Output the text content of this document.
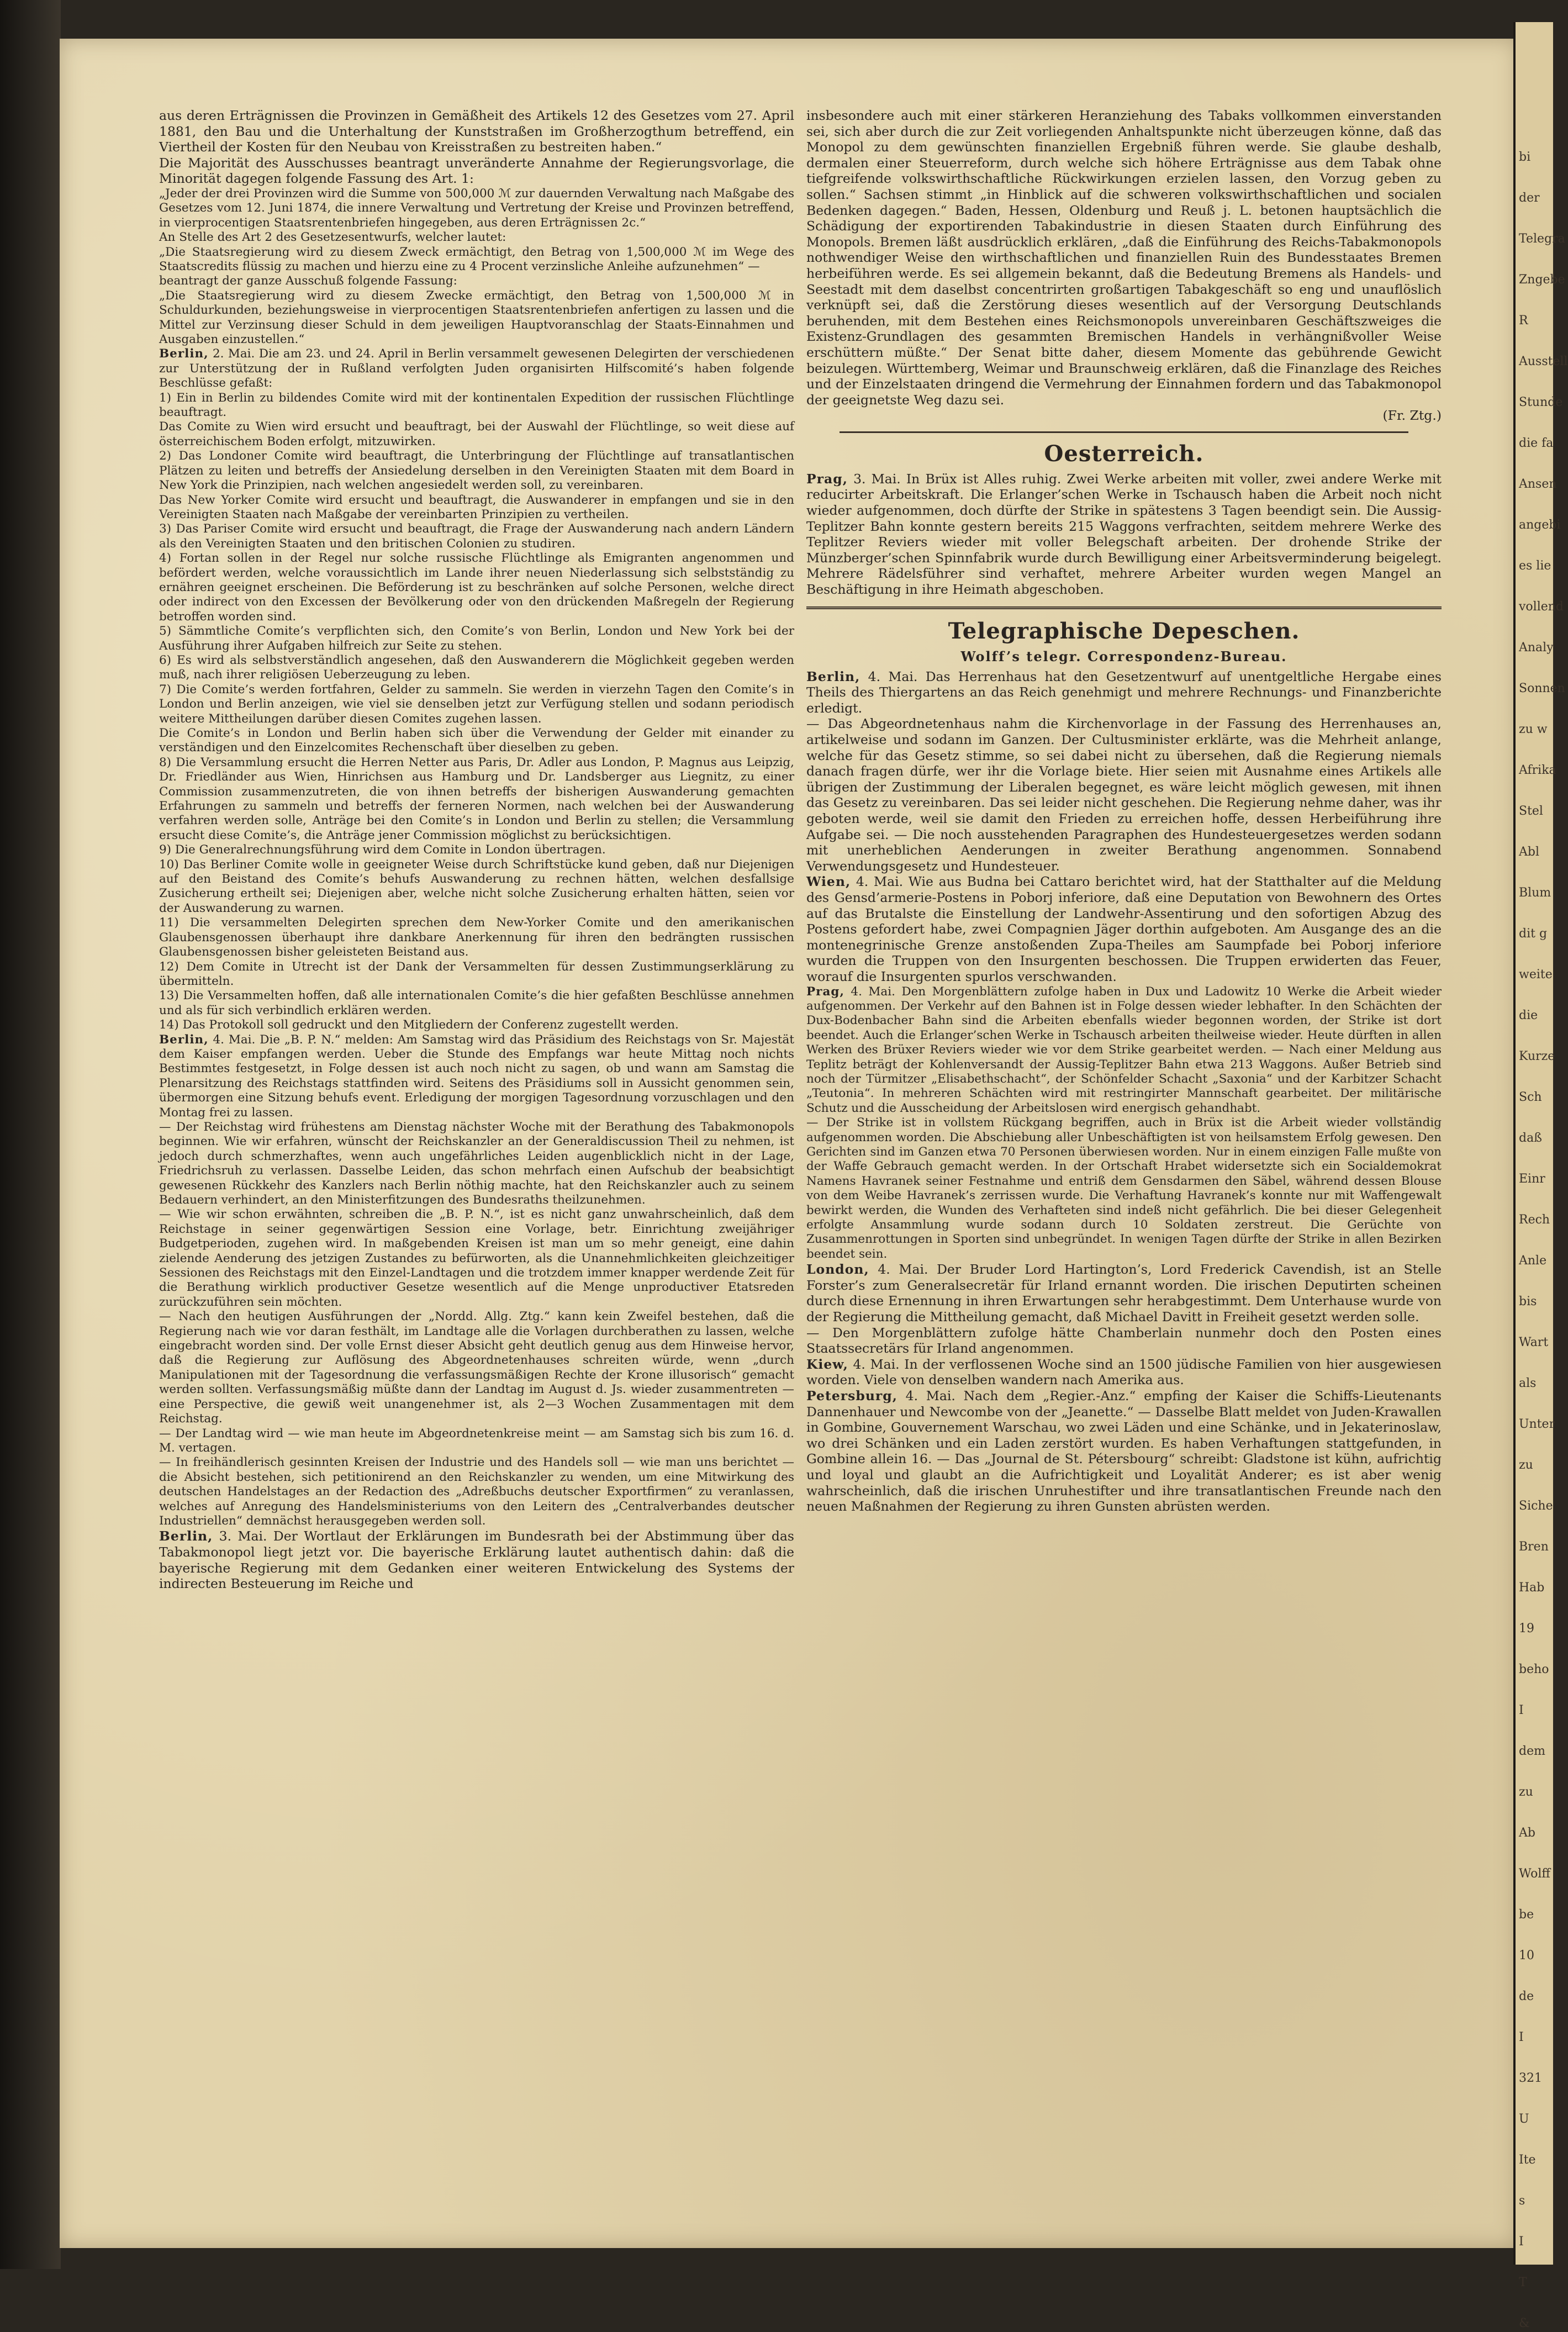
bi
der
Telegra
Zngebe
R
Ausstell
Stunde
die fa
Ansen
angebi
es lie
vollend
Analy
Sonnen
zu w
Afrika
Stel
Abl
Blum
dit g
weite
die
Kurze
Sch
daß
Einr
Rech
Anle
bis
Wart
als
Unter
zu
Siche
Bren
Hab
19
beho
I
dem
zu
Ab
Wolff
be
10
de
I
321
U
Ite
s
I
T
&

aus deren Erträgnissen die Provinzen in Gemäßheit des Artikels 12 des Gesetzes vom 27. April 1881, den Bau und die Unterhaltung der Kunststraßen im Großherzogthum betreffend, ein Viertheil der Kosten für den Neubau von Kreisstraßen zu bestreiten haben.“

Die Majorität des Ausschusses beantragt unveränderte Annahme der Regierungsvorlage, die Minorität dagegen folgende Fassung des Art. 1:

„Jeder der drei Provinzen wird die Summe von 500,000 ℳ zur dauernden Verwaltung nach Maßgabe des Gesetzes vom 12. Juni 1874, die innere Verwaltung und Vertretung der Kreise und Provinzen betreffend, in vierprocentigen Staatsrentenbriefen hingegeben, aus deren Erträgnissen 2c.“

An Stelle des Art 2 des Gesetzesentwurfs, welcher lautet:

„Die Staatsregierung wird zu diesem Zweck ermächtigt, den Betrag von 1,500,000 ℳ im Wege des Staatscredits flüssig zu machen und hierzu eine zu 4 Procent verzinsliche Anleihe aufzunehmen“ —

beantragt der ganze Ausschuß folgende Fassung:

„Die Staatsregierung wird zu diesem Zwecke ermächtigt, den Betrag von 1,500,000 ℳ in Schuldurkunden, beziehungsweise in vierprocentigen Staatsrentenbriefen anfertigen zu lassen und die Mittel zur Verzinsung dieser Schuld in dem jeweiligen Hauptvoranschlag der Staats-Einnahmen und Ausgaben einzustellen.“

Berlin, 2. Mai. Die am 23. und 24. April in Berlin versammelt gewesenen Delegirten der verschiedenen zur Unterstützung der in Rußland verfolgten Juden organisirten Hilfscomité’s haben folgende Beschlüsse gefaßt:

1) Ein in Berlin zu bildendes Comite wird mit der kontinentalen Expedition der russischen Flüchtlinge beauftragt.

Das Comite zu Wien wird ersucht und beauftragt, bei der Auswahl der Flüchtlinge, so weit diese auf österreichischem Boden erfolgt, mitzuwirken.

2) Das Londoner Comite wird beauftragt, die Unterbringung der Flüchtlinge auf transatlantischen Plätzen zu leiten und betreffs der Ansiedelung derselben in den Vereinigten Staaten mit dem Board in New York die Prinzipien, nach welchen angesiedelt werden soll, zu vereinbaren.

Das New Yorker Comite wird ersucht und beauftragt, die Auswanderer in empfangen und sie in den Vereinigten Staaten nach Maßgabe der vereinbarten Prinzipien zu vertheilen.

3) Das Pariser Comite wird ersucht und beauftragt, die Frage der Auswanderung nach andern Ländern als den Vereinigten Staaten und den britischen Colonien zu studiren.

4) Fortan sollen in der Regel nur solche russische Flüchtlinge als Emigranten angenommen und befördert werden, welche voraussichtlich im Lande ihrer neuen Niederlassung sich selbstständig zu ernähren geeignet erscheinen. Die Beförderung ist zu beschränken auf solche Personen, welche direct oder indirect von den Excessen der Bevölkerung oder von den drückenden Maßregeln der Regierung betroffen worden sind.

5) Sämmtliche Comite’s verpflichten sich, den Comite’s von Berlin, London und New York bei der Ausführung ihrer Aufgaben hilfreich zur Seite zu stehen.

6) Es wird als selbstverständlich angesehen, daß den Auswanderern die Möglichkeit gegeben werden muß, nach ihrer religiösen Ueberzeugung zu leben.

7) Die Comite’s werden fortfahren, Gelder zu sammeln. Sie werden in vierzehn Tagen den Comite’s in London und Berlin anzeigen, wie viel sie denselben jetzt zur Verfügung stellen und sodann periodisch weitere Mittheilungen darüber diesen Comites zugehen lassen.

Die Comite’s in London und Berlin haben sich über die Verwendung der Gelder mit einander zu verständigen und den Einzelcomites Rechenschaft über dieselben zu geben.

8) Die Versammlung ersucht die Herren Netter aus Paris, Dr. Adler aus London, P. Magnus aus Leipzig, Dr. Friedländer aus Wien, Hinrichsen aus Hamburg und Dr. Landsberger aus Liegnitz, zu einer Commission zusammenzutreten, die von ihnen betreffs der bisherigen Auswanderung gemachten Erfahrungen zu sammeln und betreffs der ferneren Normen, nach welchen bei der Auswanderung verfahren werden solle, Anträge bei den Comite’s in London und Berlin zu stellen; die Versammlung ersucht diese Comite’s, die Anträge jener Commission möglichst zu berücksichtigen.

9) Die Generalrechnungsführung wird dem Comite in London übertragen.

10) Das Berliner Comite wolle in geeigneter Weise durch Schriftstücke kund geben, daß nur Diejenigen auf den Beistand des Comite’s behufs Auswanderung zu rechnen hätten, welchen desfallsige Zusicherung ertheilt sei; Diejenigen aber, welche nicht solche Zusicherung erhalten hätten, seien vor der Auswanderung zu warnen.

11) Die versammelten Delegirten sprechen dem New-Yorker Comite und den amerikanischen Glaubensgenossen überhaupt ihre dankbare Anerkennung für ihren den bedrängten russischen Glaubensgenossen bisher geleisteten Beistand aus.

12) Dem Comite in Utrecht ist der Dank der Versammelten für dessen Zustimmungserklärung zu übermitteln.

13) Die Versammelten hoffen, daß alle internationalen Comite’s die hier gefaßten Beschlüsse annehmen und als für sich verbindlich erklären werden.

14) Das Protokoll soll gedruckt und den Mitgliedern der Conferenz zugestellt werden.

Berlin, 4. Mai. Die „B. P. N.“ melden: Am Samstag wird das Präsidium des Reichstags von Sr. Majestät dem Kaiser empfangen werden. Ueber die Stunde des Empfangs war heute Mittag noch nichts Bestimmtes festgesetzt, in Folge dessen ist auch noch nicht zu sagen, ob und wann am Samstag die Plenarsitzung des Reichstags stattfinden wird. Seitens des Präsidiums soll in Aussicht genommen sein, übermorgen eine Sitzung behufs event. Erledigung der morgigen Tagesordnung vorzuschlagen und den Montag frei zu lassen.

— Der Reichstag wird frühestens am Dienstag nächster Woche mit der Berathung des Tabakmonopols beginnen. Wie wir erfahren, wünscht der Reichskanzler an der Generaldiscussion Theil zu nehmen, ist jedoch durch schmerzhaftes, wenn auch ungefährliches Leiden augenblicklich nicht in der Lage, Friedrichsruh zu verlassen. Dasselbe Leiden, das schon mehrfach einen Aufschub der beabsichtigt gewesenen Rückkehr des Kanzlers nach Berlin nöthig machte, hat den Reichskanzler auch zu seinem Bedauern verhindert, an den Ministerfitzungen des Bundesraths theilzunehmen.

— Wie wir schon erwähnten, schreiben die „B. P. N.“, ist es nicht ganz unwahrscheinlich, daß dem Reichstage in seiner gegenwärtigen Session eine Vorlage, betr. Einrichtung zweijähriger Budgetperioden, zugehen wird. In maßgebenden Kreisen ist man um so mehr geneigt, eine dahin zielende Aenderung des jetzigen Zustandes zu befürworten, als die Unannehmlichkeiten gleichzeitiger Sessionen des Reichstags mit den Einzel-Landtagen und die trotzdem immer knapper werdende Zeit für die Berathung wirklich productiver Gesetze wesentlich auf die Menge unproductiver Etatsreden zurückzuführen sein möchten.

— Nach den heutigen Ausführungen der „Nordd. Allg. Ztg.“ kann kein Zweifel bestehen, daß die Regierung nach wie vor daran festhält, im Landtage alle die Vorlagen durchberathen zu lassen, welche eingebracht worden sind. Der volle Ernst dieser Absicht geht deutlich genug aus dem Hinweise hervor, daß die Regierung zur Auflösung des Abgeordnetenhauses schreiten würde, wenn „durch Manipulationen mit der Tagesordnung die verfassungsmäßigen Rechte der Krone illusorisch“ gemacht werden sollten. Verfassungsmäßig müßte dann der Landtag im August d. Js. wieder zusammentreten — eine Perspective, die gewiß weit unangenehmer ist, als 2—3 Wochen Zusammentagen mit dem Reichstag.

— Der Landtag wird — wie man heute im Abgeordnetenkreise meint — am Samstag sich bis zum 16. d. M. vertagen.

— In freihändlerisch gesinnten Kreisen der Industrie und des Handels soll — wie man uns berichtet — die Absicht bestehen, sich petitionirend an den Reichskanzler zu wenden, um eine Mitwirkung des deutschen Handelstages an der Redaction des „Adreßbuchs deutscher Exportfirmen“ zu veranlassen, welches auf Anregung des Handelsministeriums von den Leitern des „Centralverbandes deutscher Industriellen“ demnächst herausgegeben werden soll.

Berlin, 3. Mai. Der Wortlaut der Erklärungen im Bundesrath bei der Abstimmung über das Tabakmonopol liegt jetzt vor. Die bayerische Erklärung lautet authentisch dahin: daß die bayerische Regierung mit dem Gedanken einer weiteren Entwickelung des Systems der indirecten Besteuerung im Reiche und

insbesondere auch mit einer stärkeren Heranziehung des Tabaks vollkommen einverstanden sei, sich aber durch die zur Zeit vorliegenden Anhaltspunkte nicht überzeugen könne, daß das Monopol zu dem gewünschten finanziellen Ergebniß führen werde. Sie glaube deshalb, dermalen einer Steuerreform, durch welche sich höhere Erträgnisse aus dem Tabak ohne tiefgreifende volkswirthschaftliche Rückwirkungen erzielen lassen, den Vorzug geben zu sollen.“ Sachsen stimmt „in Hinblick auf die schweren volkswirthschaftlichen und socialen Bedenken dagegen.“ Baden, Hessen, Oldenburg und Reuß j. L. betonen hauptsächlich die Schädigung der exportirenden Tabakindustrie in diesen Staaten durch Einführung des Monopols. Bremen läßt ausdrücklich erklären, „daß die Einführung des Reichs-Tabakmonopols nothwendiger Weise den wirthschaftlichen und finanziellen Ruin des Bundesstaates Bremen herbeiführen werde. Es sei allgemein bekannt, daß die Bedeutung Bremens als Handels- und Seestadt mit dem daselbst concentrirten großartigen Tabakgeschäft so eng und unauflöslich verknüpft sei, daß die Zerstörung dieses wesentlich auf der Versorgung Deutschlands beruhenden, mit dem Bestehen eines Reichsmonopols unvereinbaren Geschäftszweiges die Existenz-Grundlagen des gesammten Bremischen Handels in verhängnißvoller Weise erschüttern müßte.“ Der Senat bitte daher, diesem Momente das gebührende Gewicht beizulegen. Württemberg, Weimar und Braunschweig erklären, daß die Finanzlage des Reiches und der Einzelstaaten dringend die Vermehrung der Einnahmen fordern und das Tabakmonopol der geeignetste Weg dazu sei.

(Fr. Ztg.)

Oesterreich.

Prag, 3. Mai. In Brüx ist Alles ruhig. Zwei Werke arbeiten mit voller, zwei andere Werke mit reducirter Arbeitskraft. Die Erlanger’schen Werke in Tschausch haben die Arbeit noch nicht wieder aufgenommen, doch dürfte der Strike in spätestens 3 Tagen beendigt sein. Die Aussig-Teplitzer Bahn konnte gestern bereits 215 Waggons verfrachten, seitdem mehrere Werke des Teplitzer Reviers wieder mit voller Belegschaft arbeiten. Der drohende Strike der Münzberger’schen Spinnfabrik wurde durch Bewilligung einer Arbeitsverminderung beigelegt. Mehrere Rädelsführer sind verhaftet, mehrere Arbeiter wurden wegen Mangel an Beschäftigung in ihre Heimath abgeschoben.

Telegraphische Depeschen.
Wolff’s telegr. Correspondenz-Bureau.

Berlin, 4. Mai. Das Herrenhaus hat den Gesetzentwurf auf unentgeltliche Hergabe eines Theils des Thiergartens an das Reich genehmigt und mehrere Rechnungs- und Finanzberichte erledigt.

— Das Abgeordnetenhaus nahm die Kirchenvorlage in der Fassung des Herrenhauses an, artikelweise und sodann im Ganzen. Der Cultusminister erklärte, was die Mehrheit anlange, welche für das Gesetz stimme, so sei dabei nicht zu übersehen, daß die Regierung niemals danach fragen dürfe, wer ihr die Vorlage biete. Hier seien mit Ausnahme eines Artikels alle übrigen der Zustimmung der Liberalen begegnet, es wäre leicht möglich gewesen, mit ihnen das Gesetz zu vereinbaren. Das sei leider nicht geschehen. Die Regierung nehme daher, was ihr geboten werde, weil sie damit den Frieden zu erreichen hoffe, dessen Herbeiführung ihre Aufgabe sei. — Die noch ausstehenden Paragraphen des Hundesteuergesetzes werden sodann mit unerheblichen Aenderungen in zweiter Berathung angenommen. Sonnabend Verwendungsgesetz und Hundesteuer.

Wien, 4. Mai. Wie aus Budna bei Cattaro berichtet wird, hat der Statthalter auf die Meldung des Gensd’armerie-Postens in Poborj inferiore, daß eine Deputation von Bewohnern des Ortes auf das Brutalste die Einstellung der Landwehr-Assentirung und den sofortigen Abzug des Postens gefordert habe, zwei Compagnien Jäger dorthin aufgeboten. Am Ausgange des an die montenegrinische Grenze anstoßenden Zupa-Theiles am Saumpfade bei Poborj inferiore wurden die Truppen von den Insurgenten beschossen. Die Truppen erwiderten das Feuer, worauf die Insurgenten spurlos verschwanden.

Prag, 4. Mai. Den Morgenblättern zufolge haben in Dux und Ladowitz 10 Werke die Arbeit wieder aufgenommen. Der Verkehr auf den Bahnen ist in Folge dessen wieder lebhafter. In den Schächten der Dux-Bodenbacher Bahn sind die Arbeiten ebenfalls wieder begonnen worden, der Strike ist dort beendet. Auch die Erlanger’schen Werke in Tschausch arbeiten theilweise wieder. Heute dürften in allen Werken des Brüxer Reviers wieder wie vor dem Strike gearbeitet werden. — Nach einer Meldung aus Teplitz beträgt der Kohlenversandt der Aussig-Teplitzer Bahn etwa 213 Waggons. Außer Betrieb sind noch der Türmitzer „Elisabethschacht“, der Schönfelder Schacht „Saxonia“ und der Karbitzer Schacht „Teutonia“. In mehreren Schächten wird mit restringirter Mannschaft gearbeitet. Der militärische Schutz und die Ausscheidung der Arbeitslosen wird energisch gehandhabt.

— Der Strike ist in vollstem Rückgang begriffen, auch in Brüx ist die Arbeit wieder vollständig aufgenommen worden. Die Abschiebung aller Unbeschäftigten ist von heilsamstem Erfolg gewesen. Den Gerichten sind im Ganzen etwa 70 Personen überwiesen worden. Nur in einem einzigen Falle mußte von der Waffe Gebrauch gemacht werden. In der Ortschaft Hrabet widersetzte sich ein Socialdemokrat Namens Havranek seiner Festnahme und entriß dem Gensdarmen den Säbel, während dessen Blouse von dem Weibe Havranek’s zerrissen wurde. Die Verhaftung Havranek’s konnte nur mit Waffengewalt bewirkt werden, die Wunden des Verhafteten sind indeß nicht gefährlich. Die bei dieser Gelegenheit erfolgte Ansammlung wurde sodann durch 10 Soldaten zerstreut. Die Gerüchte von Zusammenrottungen in Sporten sind unbegründet. In wenigen Tagen dürfte der Strike in allen Bezirken beendet sein.

London, 4. Mai. Der Bruder Lord Hartington’s, Lord Frederick Cavendish, ist an Stelle Forster’s zum Generalsecretär für Irland ernannt worden. Die irischen Deputirten scheinen durch diese Ernennung in ihren Erwartungen sehr herabgestimmt. Dem Unterhause wurde von der Regierung die Mittheilung gemacht, daß Michael Davitt in Freiheit gesetzt werden solle.

— Den Morgenblättern zufolge hätte Chamberlain nunmehr doch den Posten eines Staatssecretärs für Irland angenommen.

Kiew, 4. Mai. In der verflossenen Woche sind an 1500 jüdische Familien von hier ausgewiesen worden. Viele von denselben wandern nach Amerika aus.

Petersburg, 4. Mai. Nach dem „Regier.-Anz.“ empfing der Kaiser die Schiffs-Lieutenants Dannenhauer und Newcombe von der „Jeanette.“ — Dasselbe Blatt meldet von Juden-Krawallen in Gombine, Gouvernement Warschau, wo zwei Läden und eine Schänke, und in Jekaterinoslaw, wo drei Schänken und ein Laden zerstört wurden. Es haben Verhaftungen stattgefunden, in Gombine allein 16. — Das „Journal de St. Pétersbourg“ schreibt: Gladstone ist kühn, aufrichtig und loyal und glaubt an die Aufrichtigkeit und Loyalität Anderer; es ist aber wenig wahrscheinlich, daß die irischen Unruhestifter und ihre transatlantischen Freunde nach den neuen Maßnahmen der Regierung zu ihren Gunsten abrüsten werden.
